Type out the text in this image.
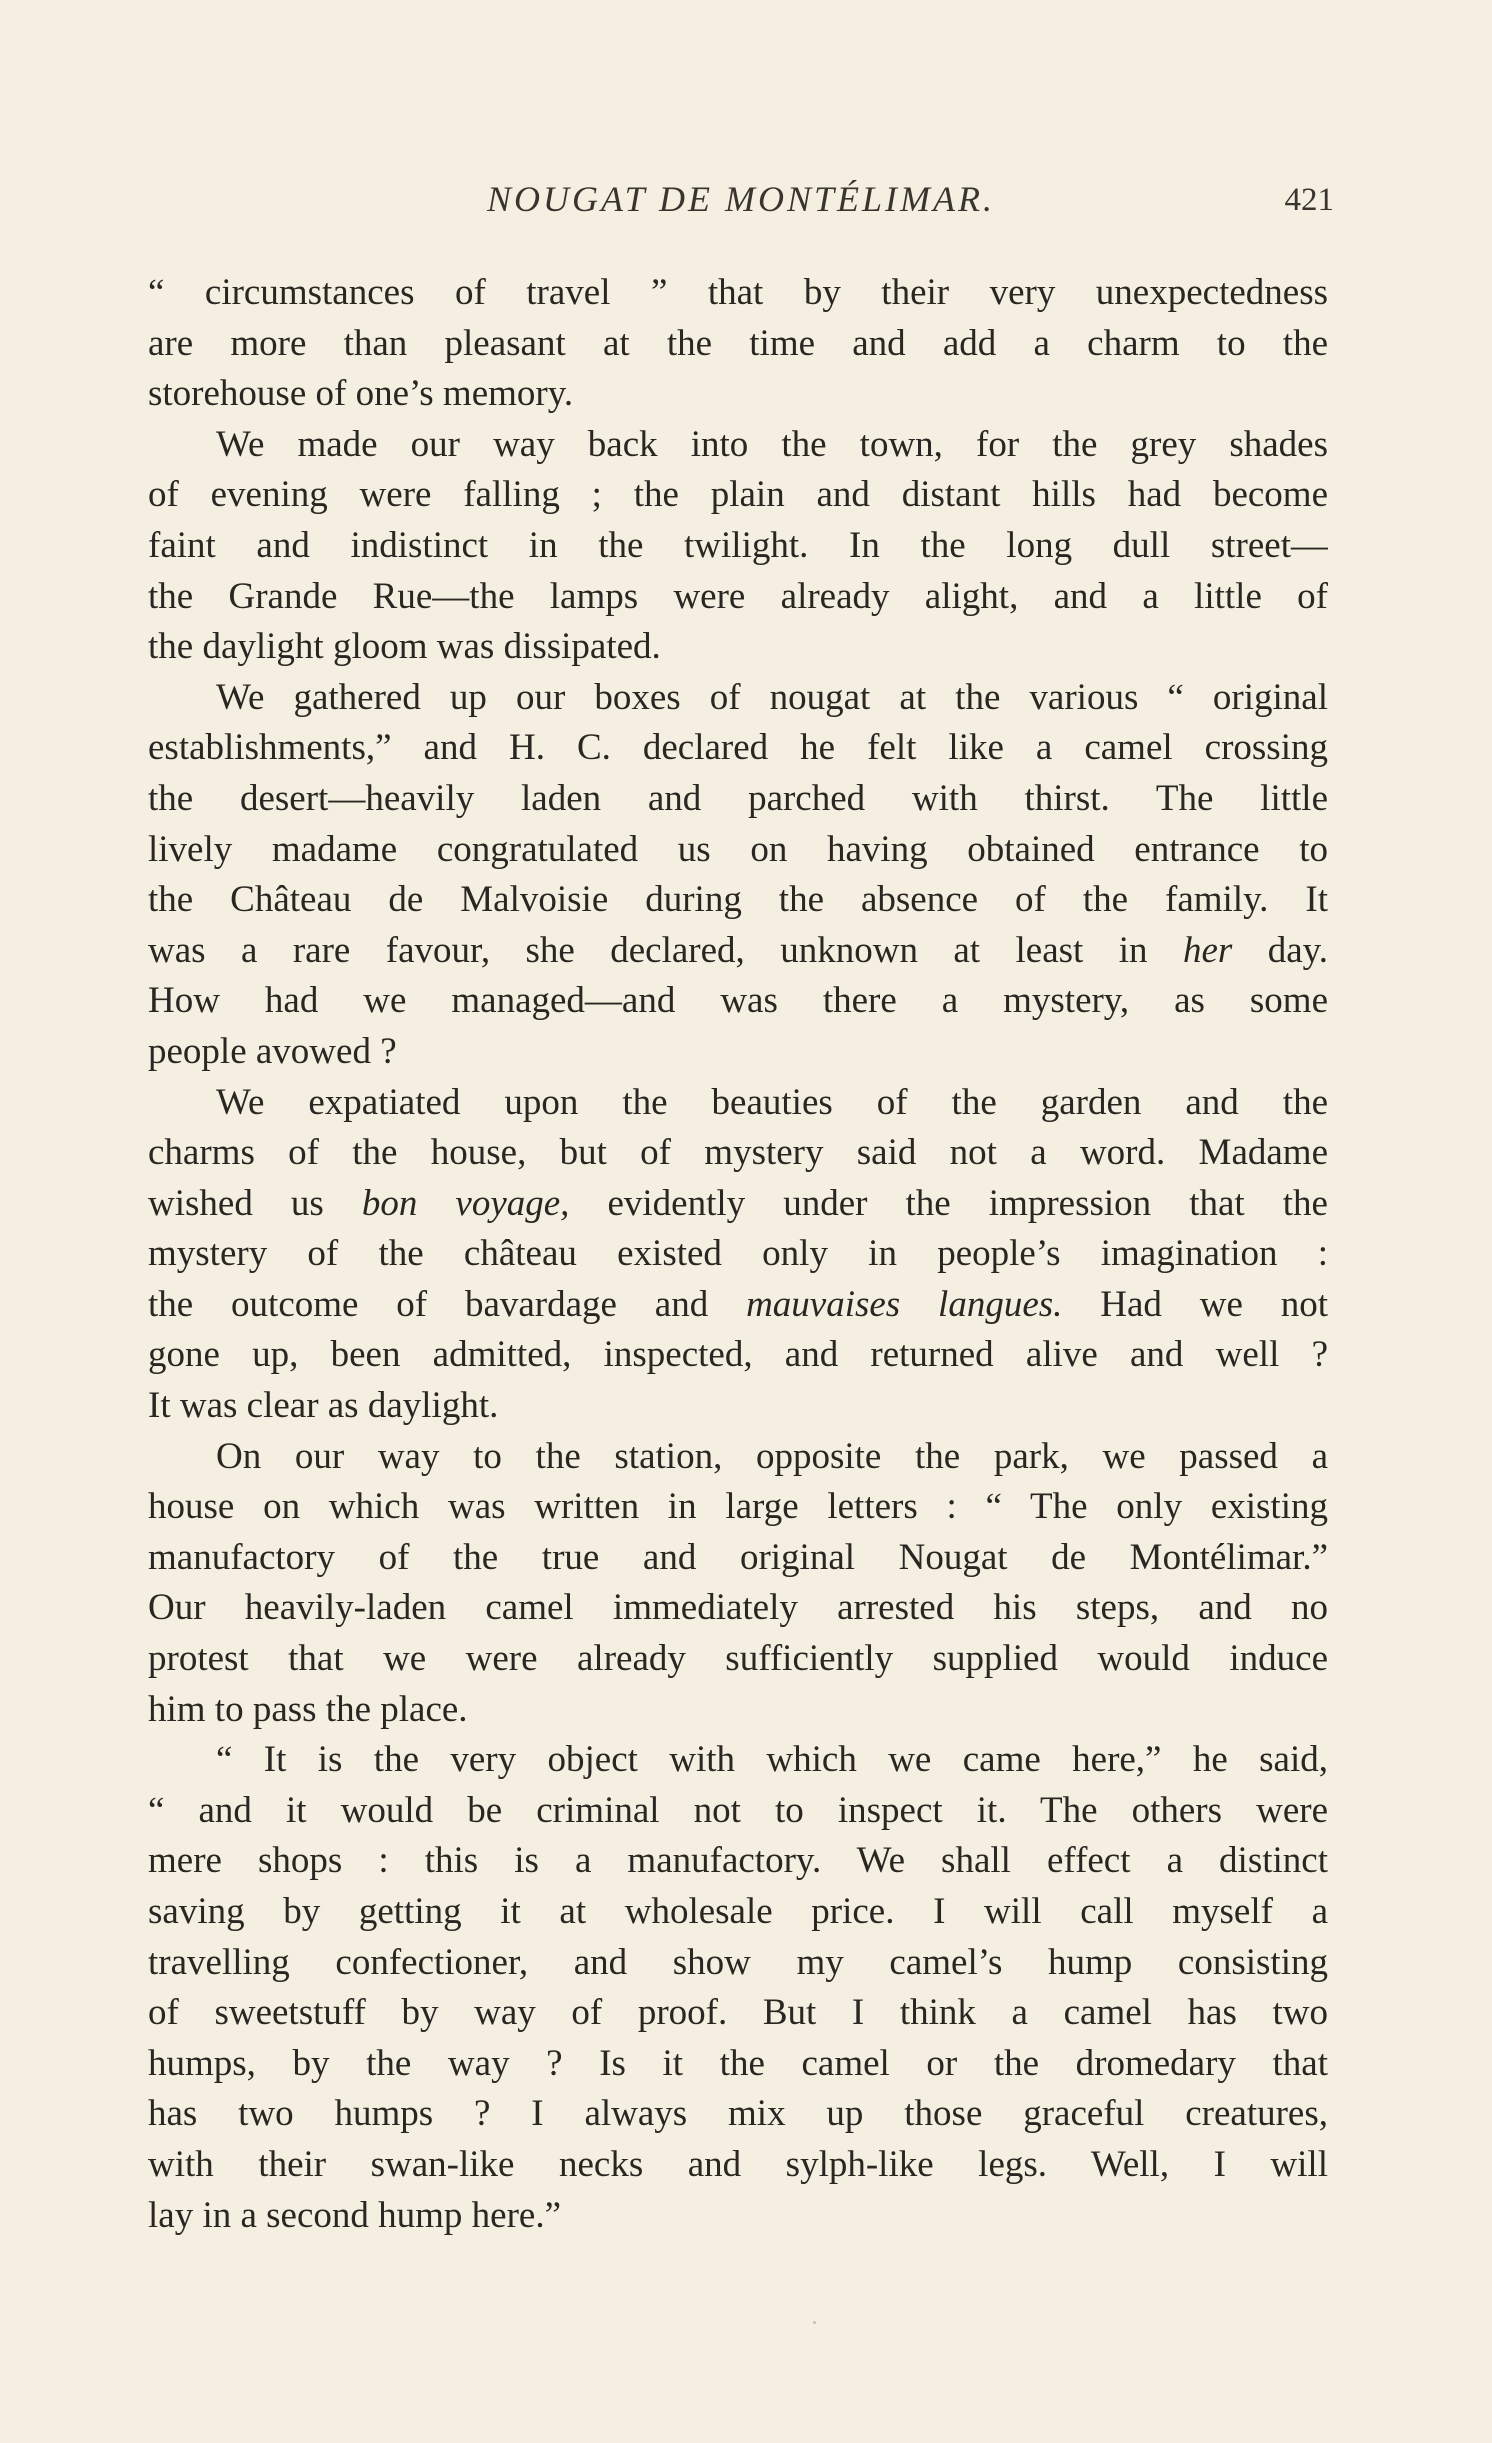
NOUGAT DE MONTÉLIMAR.	421
“ circumstances of travel ” that by their very unexpectedness
are more than pleasant at the time and add a charm to the
storehouse of one’s memory.
We made our way back into the town, for the grey shades
of evening were falling ; the plain and distant hills had become
faint and indistinct in the twilight. In the long dull street—
the Grande Rue—the lamps were already alight, and a little of
the daylight gloom was dissipated.
We gathered up our boxes of nougat at the various “ original
establishments,” and H. C. declared he felt like a camel crossing
the desert—heavily laden and parched with thirst. The little
lively madame congratulated us on having obtained entrance to
the Château de Malvoisie during the absence of the family. It
was a rare favour, she declared, unknown at least in her day.
How had we managed—and was there a mystery, as some
people avowed ?
We expatiated upon the beauties of the garden and the
charms of the house, but of mystery said not a word. Madame
wished us bon voyage, evidently under the impression that the
mystery of the château existed only in people’s imagination :
the outcome of bavardage and mauvaises langues. Had we not
gone up, been admitted, inspected, and returned alive and well ?
It was clear as daylight.
On our way to the station, opposite the park, we passed a
house on which was written in large letters : “ The only existing
manufactory of the true and original Nougat de Montélimar.”
Our heavily-laden camel immediately arrested his steps, and no
protest that we were already sufficiently supplied would induce
him to pass the place.
“ It is the very object with which we came here,” he said,
“ and it would be criminal not to inspect it. The others were
mere shops : this is a manufactory. We shall effect a distinct
saving by getting it at wholesale price. I will call myself a
travelling confectioner, and show my camel’s hump consisting
of sweetstuff by way of proof. But I think a camel has two
humps, by the way ? Is it the camel or the dromedary that
has two humps ? I always mix up those graceful creatures,
with their swan-like necks and sylph-like legs. Well, I will
lay in a second hump here.”
